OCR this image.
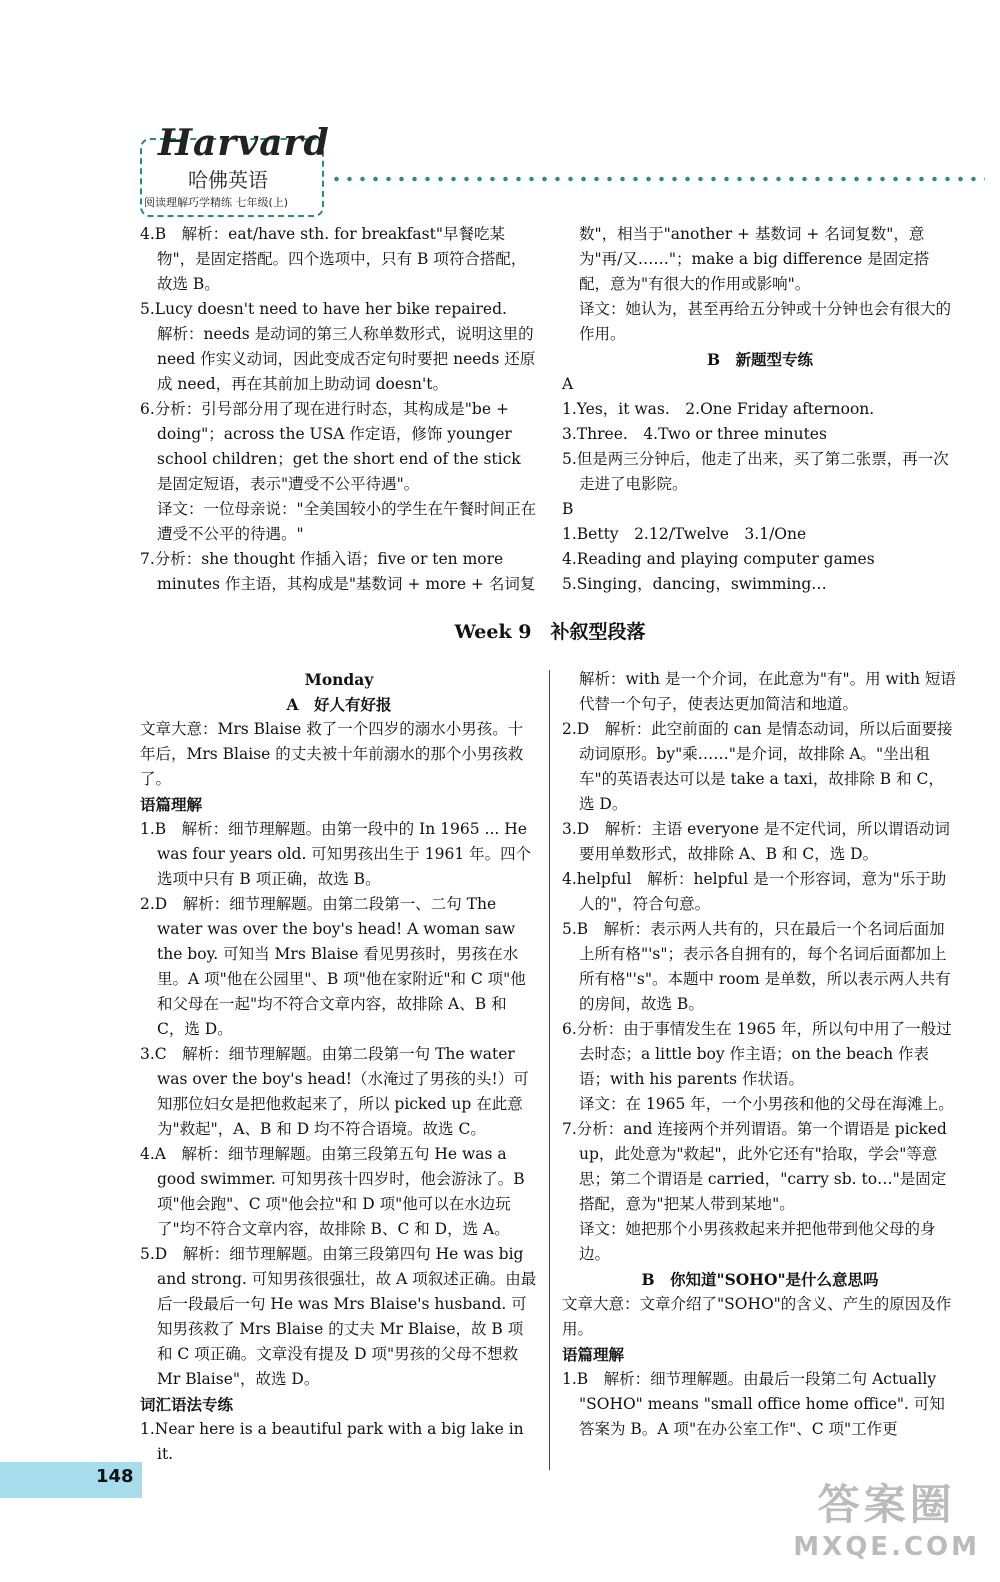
Harvard
哈佛英语
阅读理解巧学精练 七年级(上)

4.B　解析：eat/have sth. for breakfast"早餐吃某物"，是固定搭配。四个选项中，只有 B 项符合搭配，故选 B。

5.Lucy doesn't need to have her bike repaired.

解析：needs 是动词的第三人称单数形式，说明这里的 need 作实义动词，因此变成否定句时要把 needs 还原成 need，再在其前加上助动词 doesn't。

6.分析：引号部分用了现在进行时态，其构成是"be + doing"；across the USA 作定语，修饰 younger school children；get the short end of the stick 是固定短语，表示"遭受不公平待遇"。

译文：一位母亲说："全美国较小的学生在午餐时间正在遭受不公平的待遇。"

7.分析：she thought 作插入语；five or ten more minutes 作主语，其构成是"基数词 + more + 名词复

数"，相当于"another + 基数词 + 名词复数"，意为"再/又……"；make a big difference 是固定搭配，意为"有很大的作用或影响"。

译文：她认为，甚至再给五分钟或十分钟也会有很大的作用。

B　新题型专练

A

1.Yes，it was.　2.One Friday afternoon.

3.Three.　4.Two or three minutes

5.但是两三分钟后，他走了出来，买了第二张票，再一次走进了电影院。

B

1.Betty　2.12/Twelve　3.1/One

4.Reading and playing computer games

5.Singing，dancing，swimming…

Week 9　补叙型段落

Monday

A　好人有好报

文章大意：Mrs Blaise 救了一个四岁的溺水小男孩。十年后，Mrs Blaise 的丈夫被十年前溺水的那个小男孩救了。

语篇理解

1.B　解析：细节理解题。由第一段中的 In 1965 ... He was four years old. 可知男孩出生于 1961 年。四个选项中只有 B 项正确，故选 B。

2.D　解析：细节理解题。由第二段第一、二句 The water was over the boy's head! A woman saw the boy. 可知当 Mrs Blaise 看见男孩时，男孩在水里。A 项"他在公园里"、B 项"他在家附近"和 C 项"他和父母在一起"均不符合文章内容，故排除 A、B 和 C，选 D。

3.C　解析：细节理解题。由第二段第一句 The water was over the boy's head!（水淹过了男孩的头!）可知那位妇女是把他救起来了，所以 picked up 在此意为"救起"，A、B 和 D 均不符合语境。故选 C。

4.A　解析：细节理解题。由第三段第五句 He was a good swimmer. 可知男孩十四岁时，他会游泳了。B 项"他会跑"、C 项"他会拉"和 D 项"他可以在水边玩了"均不符合文章内容，故排除 B、C 和 D，选 A。

5.D　解析：细节理解题。由第三段第四句 He was big and strong. 可知男孩很强壮，故 A 项叙述正确。由最后一段最后一句 He was Mrs Blaise's husband. 可知男孩救了 Mrs Blaise 的丈夫 Mr Blaise，故 B 项和 C 项正确。文章没有提及 D 项"男孩的父母不想救 Mr Blaise"，故选 D。

词汇语法专练

1.Near here is a beautiful park with a big lake in it.

解析：with 是一个介词，在此意为"有"。用 with 短语代替一个句子，使表达更加简洁和地道。

2.D　解析：此空前面的 can 是情态动词，所以后面要接动词原形。by"乘……"是介词，故排除 A。"坐出租车"的英语表达可以是 take a taxi，故排除 B 和 C，选 D。

3.D　解析：主语 everyone 是不定代词，所以谓语动词要用单数形式，故排除 A、B 和 C，选 D。

4.helpful　解析：helpful 是一个形容词，意为"乐于助人的"，符合句意。

5.B　解析：表示两人共有的，只在最后一个名词后面加上所有格"'s"；表示各自拥有的，每个名词后面都加上所有格"'s"。本题中 room 是单数，所以表示两人共有的房间，故选 B。

6.分析：由于事情发生在 1965 年，所以句中用了一般过去时态；a little boy 作主语；on the beach 作表语；with his parents 作状语。

译文：在 1965 年，一个小男孩和他的父母在海滩上。

7.分析：and 连接两个并列谓语。第一个谓语是 picked up，此处意为"救起"，此外它还有"拾取，学会"等意思；第二个谓语是 carried，"carry sb. to…"是固定搭配，意为"把某人带到某地"。

译文：她把那个小男孩救起来并把他带到他父母的身边。

B　你知道"SOHO"是什么意思吗

文章大意：文章介绍了"SOHO"的含义、产生的原因及作用。

语篇理解

1.B　解析：细节理解题。由最后一段第二句 Actually "SOHO" means "small office home office". 可知答案为 B。A 项"在办公室工作"、C 项"工作更

148
答案圈
MXQE.COM
